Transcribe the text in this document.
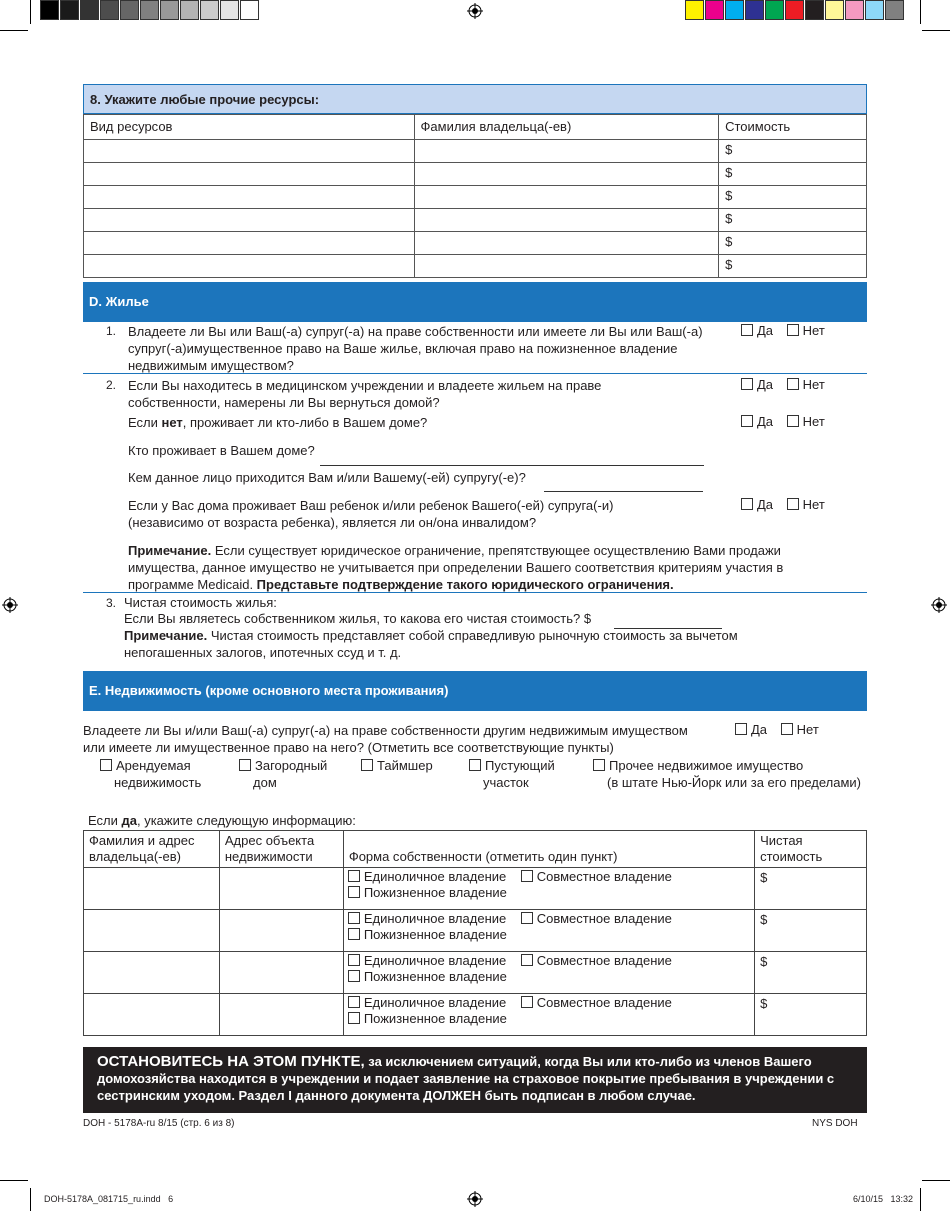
8. Укажите любые прочие ресурсы:
Вид ресурсов	Фамилия владельца(-ев)	Стоимость
		$
		$
		$
		$
		$
		$
D. Жилье
1. Владеете ли Вы или Ваш(-а) супруг(-а) на праве собственности или имеете ли Вы или Ваш(-а) супруг(-а)имущественное право на Ваше жилье, включая право на пожизненное владение недвижимым имуществом?
Да Нет
2. Если Вы находитесь в медицинском учреждении и владеете жильем на праве собственности, намерены ли Вы вернуться домой?
Да Нет
Если нет, проживает ли кто-либо в Вашем доме?	Да Нет
Кто проживает в Вашем доме?
Кем данное лицо приходится Вам и/или Вашему(-ей) супругу(-е)?
Если у Вас дома проживает Ваш ребенок и/или ребенок Вашего(-ей) супруга(-и) (независимо от возраста ребенка), является ли он/она инвалидом?
Да Нет
Примечание. Если существует юридическое ограничение, препятствующее осуществлению Вами продажи имущества, данное имущество не учитывается при определении Вашего соответствия критериям участия в программе Medicaid. Представьте подтверждение такого юридического ограничения.
3. Чистая стоимость жилья:
Если Вы являетесь собственником жилья, то какова его чистая стоимость? $
Примечание. Чистая стоимость представляет собой справедливую рыночную стоимость за вычетом непогашенных залогов, ипотечных ссуд и т. д.
E. Недвижимость (кроме основного места проживания)
Владеете ли Вы и/или Ваш(-а) супруг(-а) на праве собственности другим недвижимым имуществом или имеете ли имущественное право на него? (Отметить все соответствующие пункты)
Да Нет
Арендуемая
недвижимость
Загородный
дом
Таймшер	Пустующий
участок
Прочее недвижимое имущество
(в штате Нью-Йорк или за его пределами)
Если да, укажите следующую информацию:
Фамилия и адрес владельца(-ев)	Адрес объекта недвижимости	Форма собственности (отметить один пункт)	Чистая стоимость
		Единоличное владение Совместное владение
Пожизненное владение	$
		Единоличное владение Совместное владение
Пожизненное владение	$
		Единоличное владение Совместное владение
Пожизненное владение	$
		Единоличное владение Совместное владение
Пожизненное владение	$
ОСТАНОВИТЕСЬ НА ЭТОМ ПУНКТЕ, за исключением ситуаций, когда Вы или кто-либо из членов Вашего домохозяйства находится в учреждении и подает заявление на страховое покрытие пребывания в учреждении с сестринским уходом. Раздел I данного документа ДОЛЖЕН быть подписан в любом случае.
DOH - 5178A-ru 8/15 (стр. 6 из 8)	NYS DOH
DOH-5178A_081715_ru.indd   6	6/10/15   13:32
